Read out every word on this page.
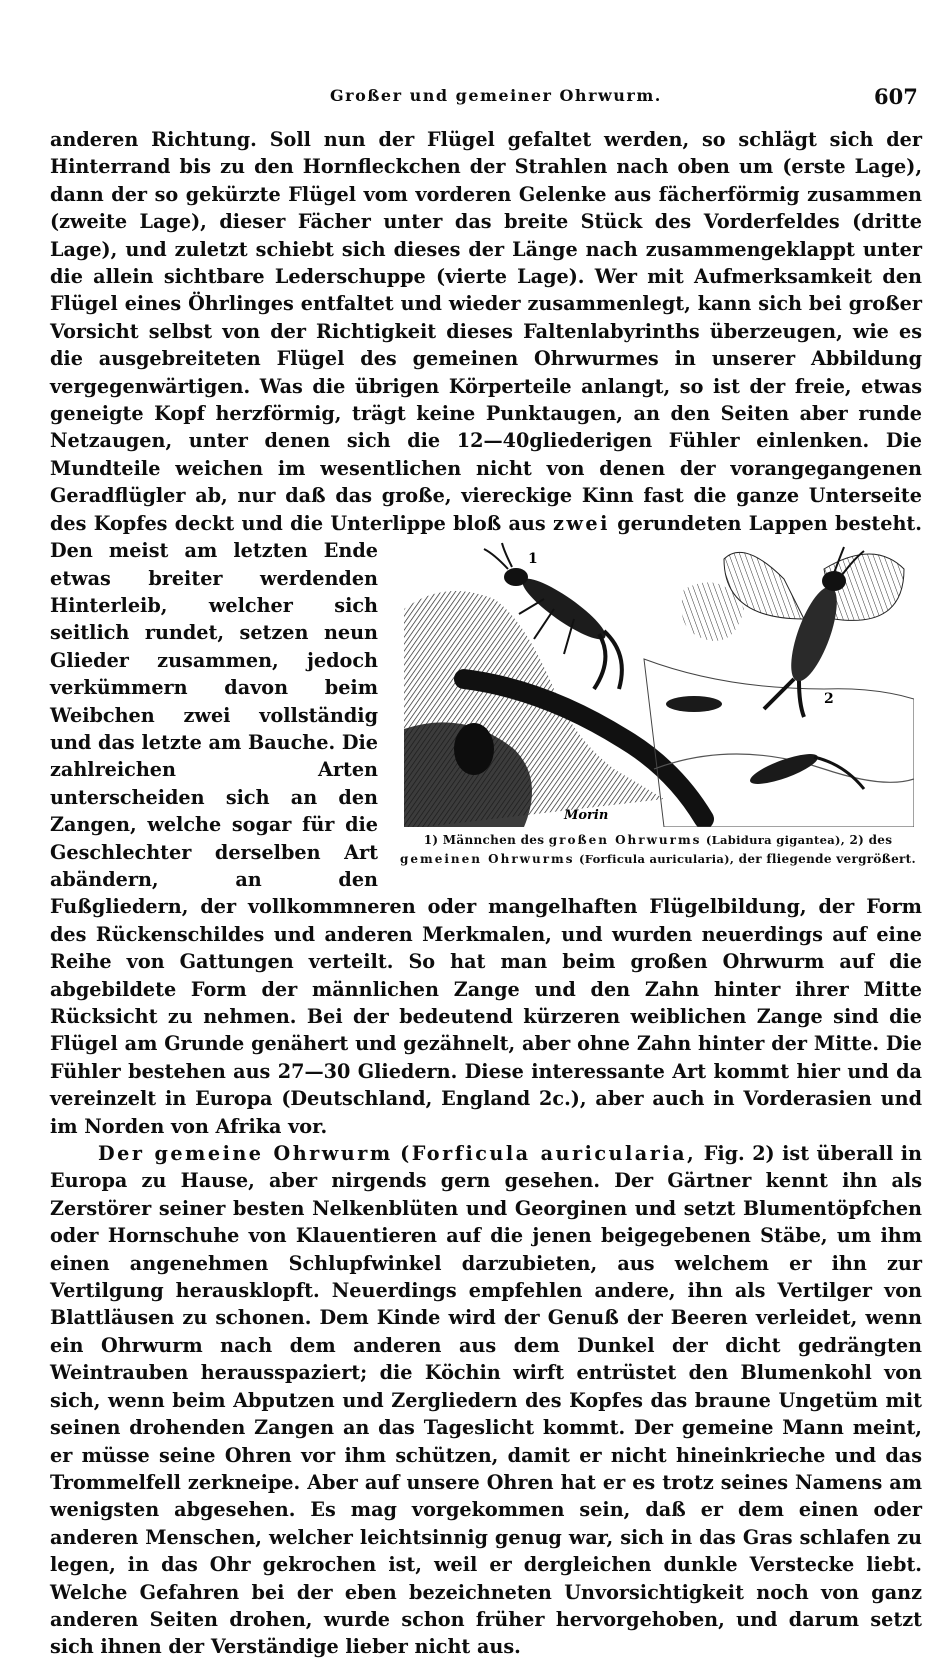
Großer und gemeiner Ohrwurm.	607

anderen Richtung. Soll nun der Flügel gefaltet werden, so schlägt sich der Hinterrand bis zu den Hornfleckchen der Strahlen nach oben um (erste Lage), dann der so gekürzte Flügel vom vorderen Gelenke aus fächerförmig zusammen (zweite Lage), dieser Fächer unter das breite Stück des Vorderfeldes (dritte Lage), und zuletzt schiebt sich dieses der Länge nach zusammengeklappt unter die allein sichtbare Lederschuppe (vierte Lage). Wer mit Aufmerksamkeit den Flügel eines Öhrlinges entfaltet und wieder zusammenlegt, kann sich bei großer Vorsicht selbst von der Richtigkeit dieses Faltenlabyrinths überzeugen, wie es die ausgebreiteten Flügel des gemeinen Ohrwurmes in unserer Abbildung vergegenwärtigen. Was die übrigen Körperteile anlangt, so ist der freie, etwas geneigte Kopf herzförmig, trägt keine Punktaugen, an den Seiten aber runde Netzaugen, unter denen sich die 12—40gliederigen Fühler einlenken. Die Mundteile weichen im wesentlichen nicht von denen der vorangegangenen Geradflügler ab, nur daß das große, viereckige Kinn fast die ganze Unterseite des Kopfes deckt und die Unterlippe bloß aus zwei
1
2
Morin
1) Männchen des großen Ohrwurms (Labidura gigantea), 2) des
gemeinen Ohrwurms (Forficula auricularia), der fliegende vergrößert.
gerundeten Lappen besteht. Den meist am letzten Ende etwas breiter werdenden Hinterleib, welcher sich seitlich rundet, setzen neun Glieder zusammen, jedoch verkümmern davon beim Weibchen zwei vollständig und das letzte am Bauche. Die zahlreichen Arten unterscheiden sich an den Zangen, welche sogar für die Geschlechter derselben Art abändern, an den Fußgliedern, der vollkommneren oder mangelhaften Flügelbildung, der Form des Rückenschildes und anderen Merkmalen, und wurden neuerdings auf eine Reihe von Gattungen verteilt. So hat man beim großen Ohrwurm auf die abgebildete Form der männlichen Zange und den Zahn hinter ihrer Mitte Rücksicht zu nehmen. Bei der bedeutend kürzeren weiblichen Zange sind die Flügel am Grunde genähert und gezähnelt, aber ohne Zahn hinter der Mitte. Die Fühler bestehen aus 27—30 Gliedern. Diese interessante Art kommt hier und da vereinzelt in Europa (Deutschland, England 2c.), aber auch in Vorderasien und im Norden von Afrika vor.

Der gemeine Ohrwurm (Forficula auricularia, Fig. 2) ist überall in Europa zu Hause, aber nirgends gern gesehen. Der Gärtner kennt ihn als Zerstörer seiner besten Nelkenblüten und Georginen und setzt Blumentöpfchen oder Hornschuhe von Klauentieren auf die jenen beigegebenen Stäbe, um ihm einen angenehmen Schlupfwinkel darzubieten, aus welchem er ihn zur Vertilgung herausklopft. Neuerdings empfehlen andere, ihn als Vertilger von Blattläusen zu schonen. Dem Kinde wird der Genuß der Beeren verleidet, wenn ein Ohrwurm nach dem anderen aus dem Dunkel der dicht gedrängten Weintrauben herausspaziert; die Köchin wirft entrüstet den Blumenkohl von sich, wenn beim Abputzen und Zergliedern des Kopfes das braune Ungetüm mit seinen drohenden Zangen an das Tageslicht kommt. Der gemeine Mann meint, er müsse seine Ohren vor ihm schützen, damit er nicht hineinkrieche und das Trommelfell zerkneipe. Aber auf unsere Ohren hat er es trotz seines Namens am wenigsten abgesehen. Es mag vorgekommen sein, daß er dem einen oder anderen Menschen, welcher leichtsinnig genug war, sich in das Gras schlafen zu legen, in das Ohr gekrochen ist, weil er dergleichen dunkle Verstecke liebt. Welche Gefahren bei der eben bezeichneten Unvorsichtigkeit noch von ganz anderen Seiten drohen, wurde schon früher hervorgehoben, und darum setzt sich ihnen der Verständige lieber nicht aus.
